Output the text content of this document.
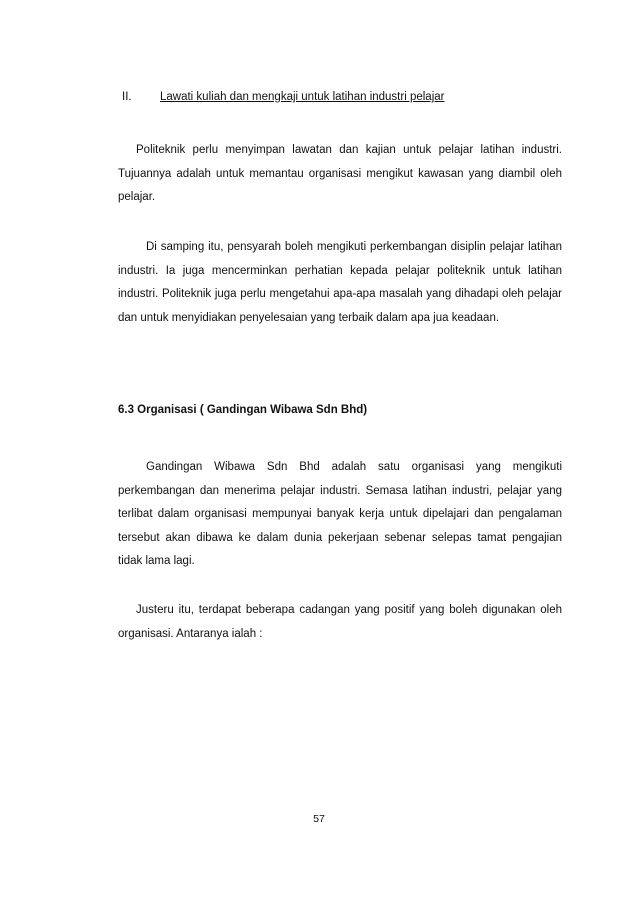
II. Lawati kuliah dan mengkaji untuk latihan industri pelajar

Politeknik perlu menyimpan lawatan dan kajian untuk pelajar latihan industri. Tujuannya adalah untuk memantau organisasi mengikut kawasan yang diambil oleh pelajar.

Di samping itu, pensyarah boleh mengikuti perkembangan disiplin pelajar latihan industri. Ia juga mencerminkan perhatian kepada pelajar politeknik untuk latihan industri. Politeknik juga perlu mengetahui apa-apa masalah yang dihadapi oleh pelajar dan untuk menyidiakan penyelesaian yang terbaik dalam apa jua keadaan.

6.3 Organisasi ( Gandingan Wibawa Sdn Bhd)

Gandingan Wibawa Sdn Bhd adalah satu organisasi yang mengikuti perkembangan dan menerima pelajar industri. Semasa latihan industri, pelajar yang terlibat dalam organisasi mempunyai banyak kerja untuk dipelajari dan pengalaman tersebut akan dibawa ke dalam dunia pekerjaan sebenar selepas tamat pengajian tidak lama lagi.

Justeru itu, terdapat beberapa cadangan yang positif yang boleh digunakan oleh organisasi. Antaranya ialah :

57
